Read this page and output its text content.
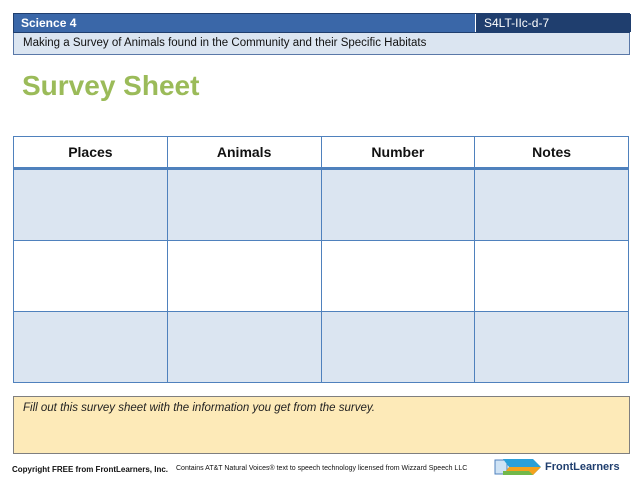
Science 4	S4LT-IIc-d-7
Making a Survey of Animals found in the Community and their Specific Habitats
Survey Sheet
Places	Animals	Number	Notes

Fill out this survey sheet with the information you get from the survey.
Copyright FREE from FrontLearners, Inc. Contains AT&T Natural Voices® text to speech technology licensed from Wizzard Speech LLC	FrontLearners
